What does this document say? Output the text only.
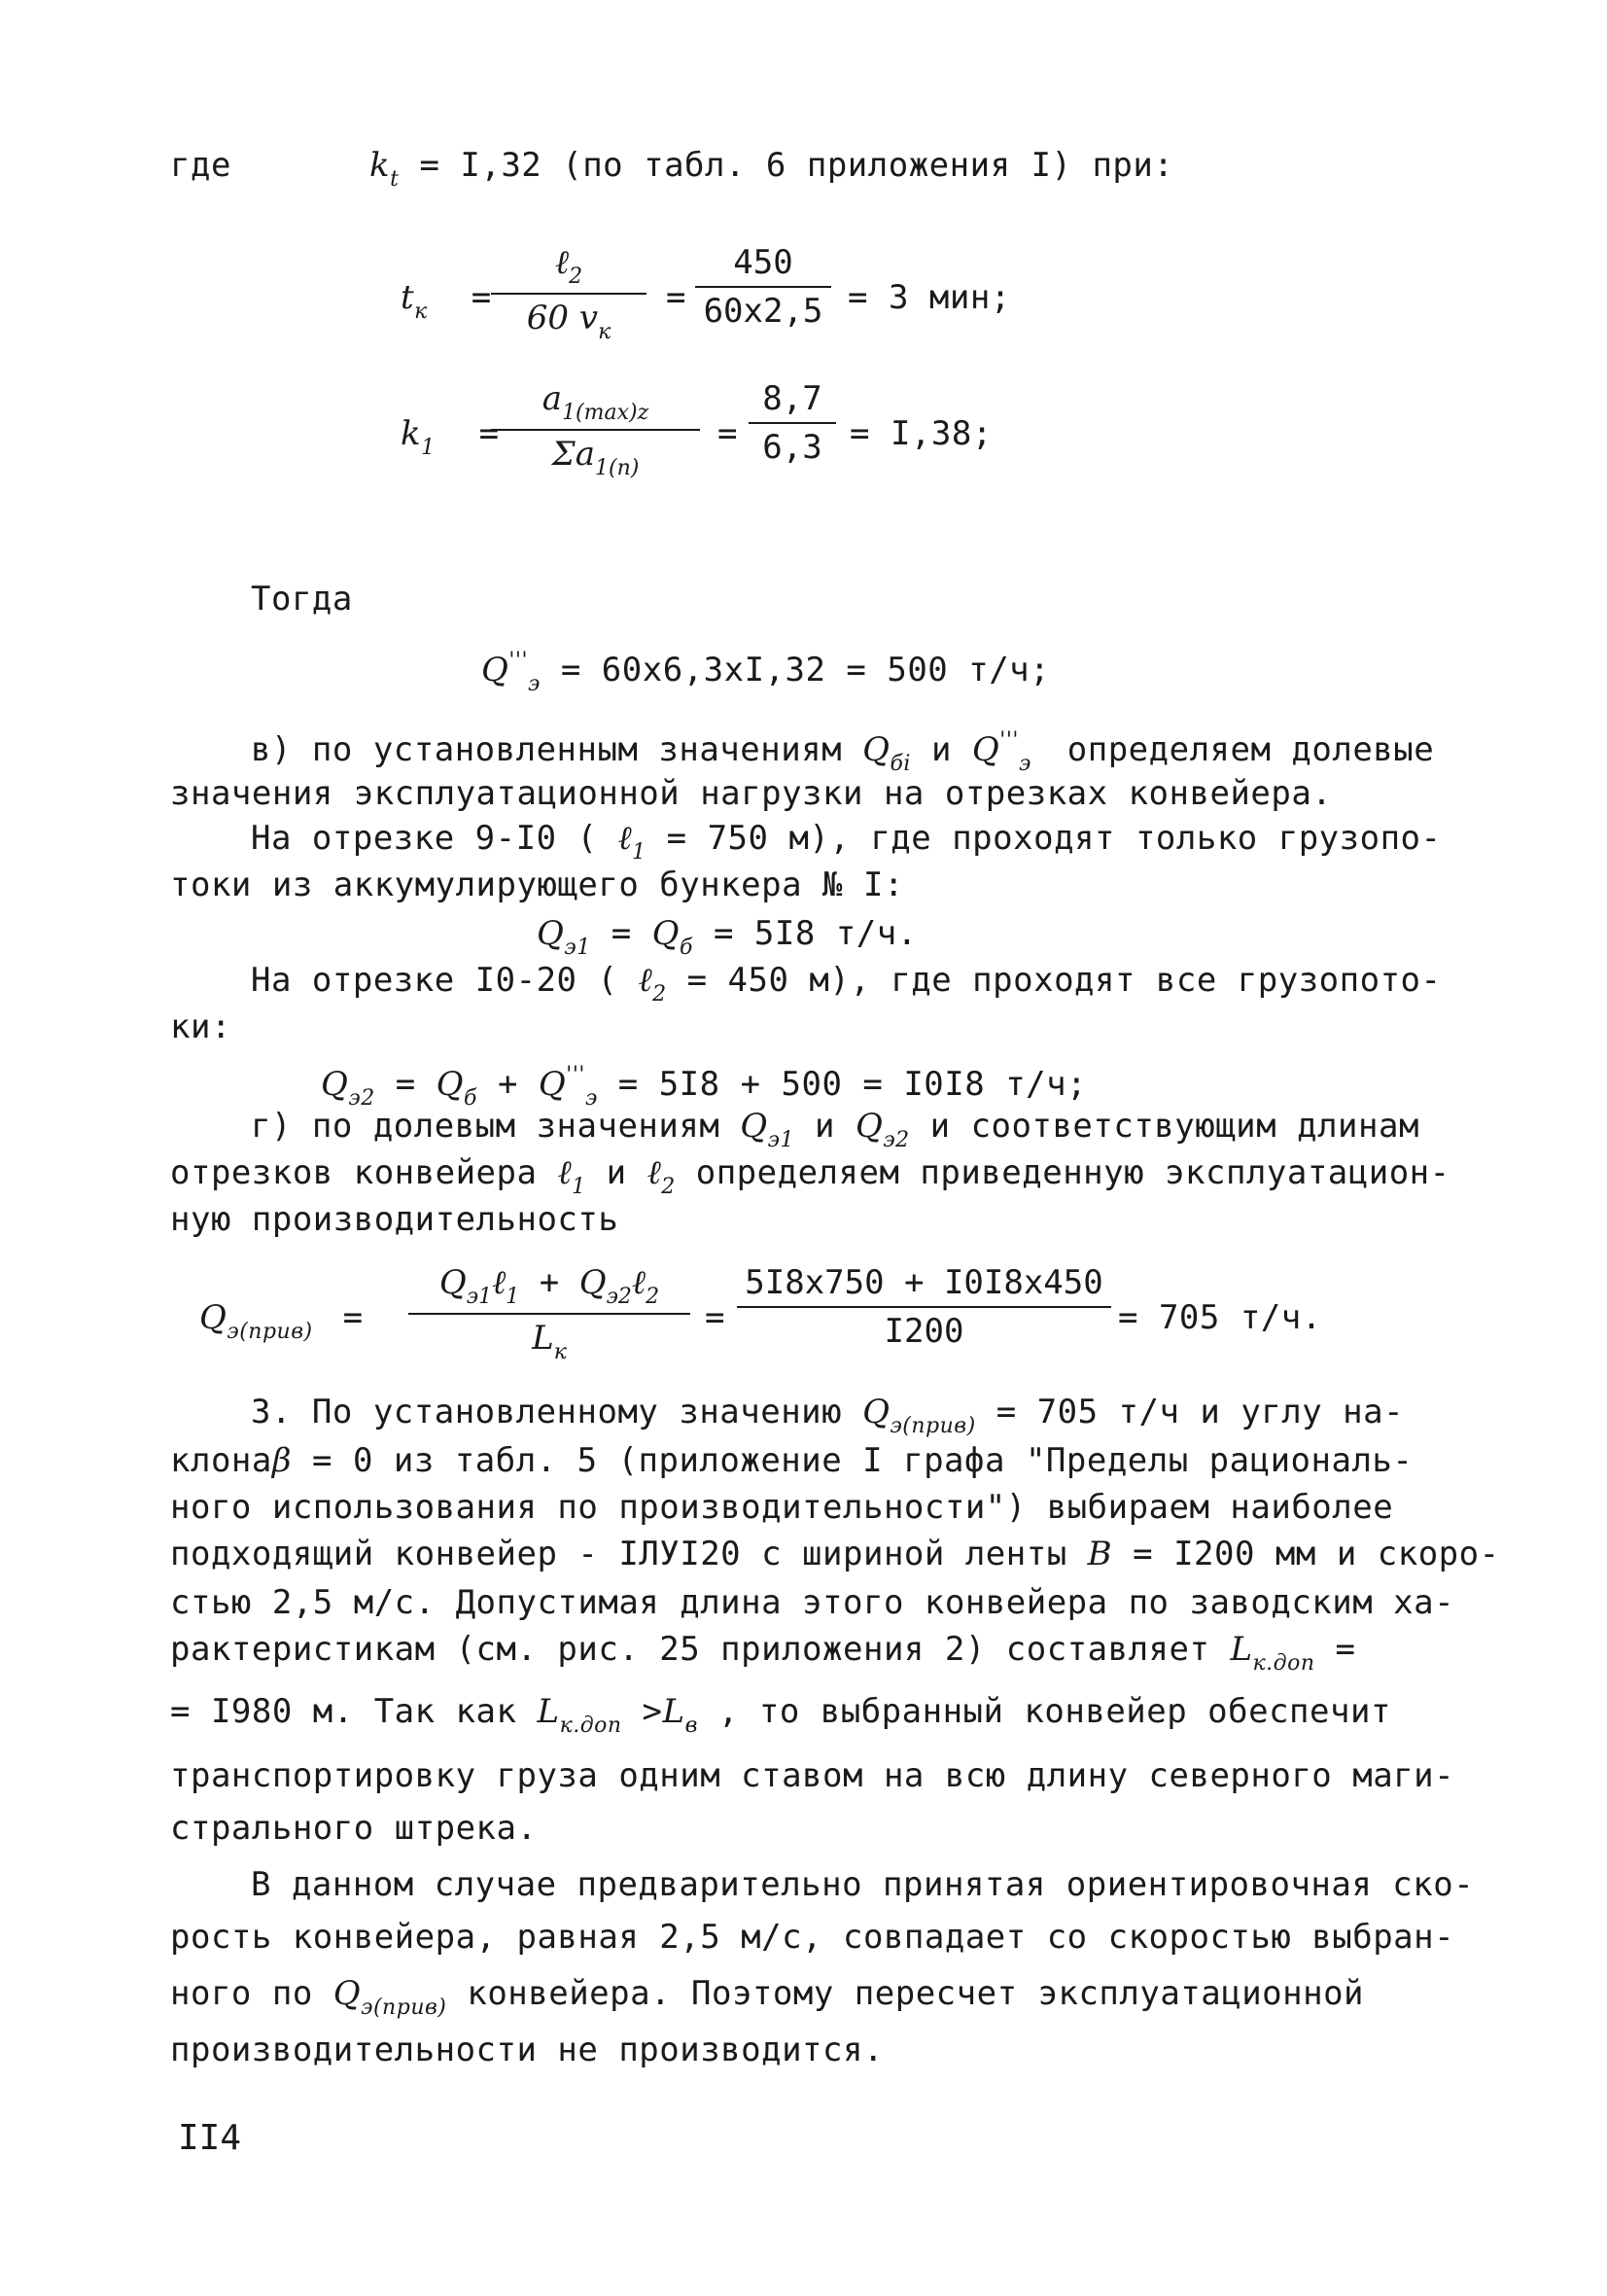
где	$k_t = I,32$ (по табл. 6 приложения I) при:
$t_к$ =
ℓ$_2$
60 $v_к$
=
450
60x2,5 = 3 мин;
$k_1$ =
$a_{1(max)z}$
$\Sigma a_{1(n)}$
=
8,7
6,3 = I,38;
Тогда
$Q'''_э = 60x6,3xI,32 = 500$ т/ч;
в) по установленным значениям $Q_{бi}$ и $Q'''_э$ определяем долевые
значения эксплуатационной нагрузки на отрезках конвейера.
На отрезке 9-I0 ( ℓ$_1$ = 750 м), где проходят только грузопо-
токи из аккумулирующего бункера № I:
$Q_{э1} = Q_б = 5I8$ т/ч.
На отрезке I0-20 ( ℓ$_2$ = 450 м), где проходят все грузопото-
ки:
$Q_{э2} = Q_б + Q'''_э = 5I8 + 500 = I0I8$ т/ч;
г) по долевым значениям $Q_{э1}$ и $Q_{э2}$ и соответствующим длинам
отрезков конвейера ℓ$_1$ и ℓ$_2$ определяем приведенную эксплуатацион-
ную производительность
$Q_{э(прив)}$ =
$Q_{э1}\ell_1$ + $Q_{э2}\ell_2$
$L_к$
=
5I8x750 + I0I8x450
I200	= 705 т/ч.
3. По установленному значению $Q_{э(прив)} = 705$ т/ч и углу на-
клонаβ = 0 из табл. 5 (приложение I графа "Пределы рациональ-
ного использования по производительности") выбираем наиболее
подходящий конвейер - IЛУI20 с шириной ленты B = I200 мм и скоро-
стью 2,5 м/с. Допустимая длина этого конвейера по заводским ха-
рактеристикам (см. рис. 25 приложения 2) составляет $L_{к.доп}$ =
= I980 м. Так как $L_{к.доп} >L_в$ , то выбранный конвейер обеспечит
транспортировку груза одним ставом на всю длину северного маги-
стрального штрека.
В данном случае предварительно принятая ориентировочная ско-
рость конвейера, равная 2,5 м/с, совпадает со скоростью выбран-
ного по $Q_{э(прив)}$ конвейера. Поэтому пересчет эксплуатационной
производительности не производится.
II4
